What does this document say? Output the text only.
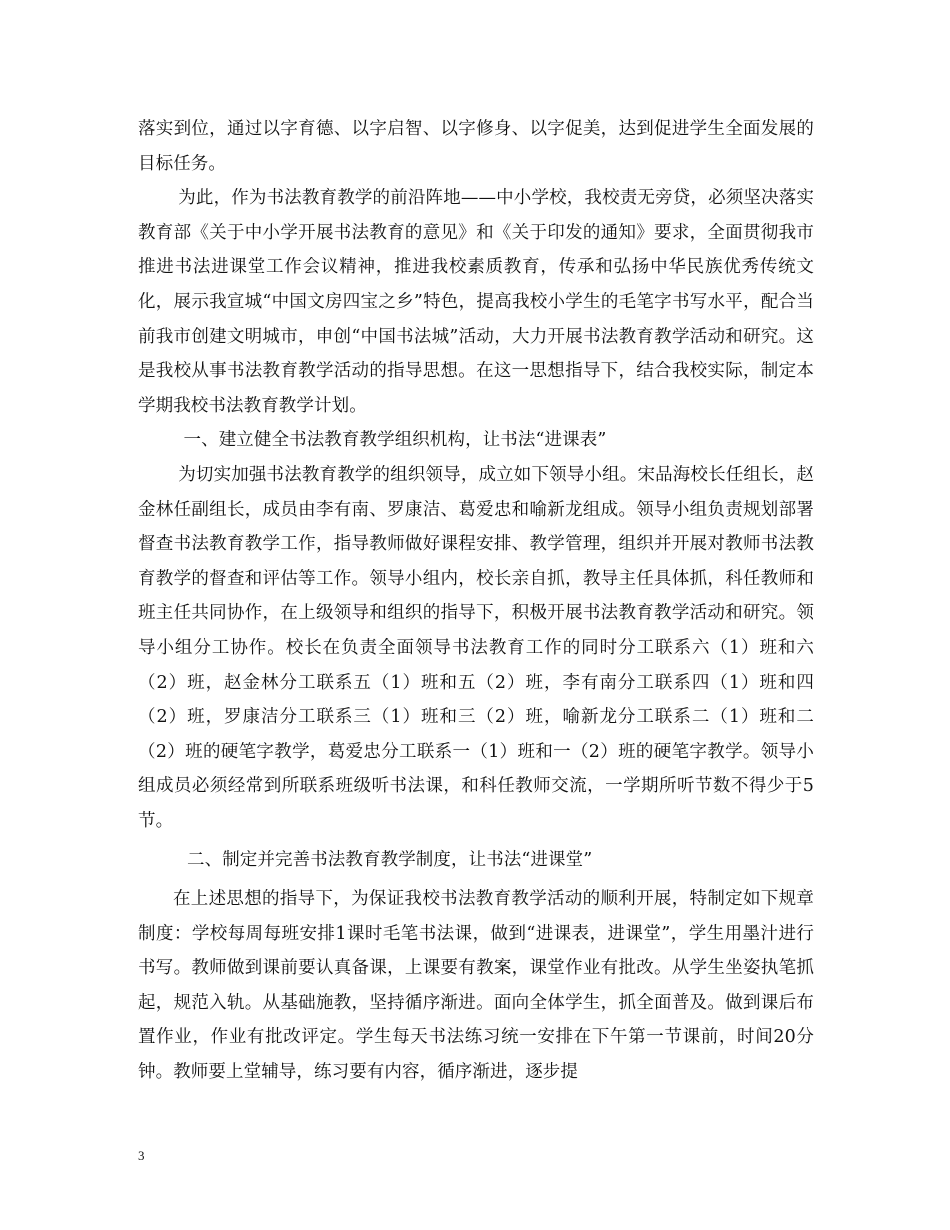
落实到位，通过以字育德、以字启智、以字修身、以字促美，达到促进学生全面发展的目标任务。

为此，作为书法教育教学的前沿阵地——中小学校，我校责无旁贷，必须坚决落实教育部《关于中小学开展书法教育的意见》和《关于印发的通知》要求，全面贯彻我市推进书法进课堂工作会议精神，推进我校素质教育，传承和弘扬中华民族优秀传统文化，展示我宣城“中国文房四宝之乡”特色，提高我校小学生的毛笔字书写水平，配合当前我市创建文明城市，申创“中国书法城”活动，大力开展书法教育教学活动和研究。这是我校从事书法教育教学活动的指导思想。在这一思想指导下，结合我校实际，制定本学期我校书法教育教学计划。

一、建立健全书法教育教学组织机构，让书法“进课表”

为切实加强书法教育教学的组织领导，成立如下领导小组。宋品海校长任组长，赵金林任副组长，成员由李有南、罗康洁、葛爱忠和喻新龙组成。领导小组负责规划部署督查书法教育教学工作，指导教师做好课程安排、教学管理，组织并开展对教师书法教育教学的督查和评估等工作。领导小组内，校长亲自抓，教导主任具体抓，科任教师和班主任共同协作，在上级领导和组织的指导下，积极开展书法教育教学活动和研究。领导小组分工协作。校长在负责全面领导书法教育工作的同时分工联系六（1）班和六（2）班，赵金林分工联系五（1）班和五（2）班，李有南分工联系四（1）班和四（2）班，罗康洁分工联系三（1）班和三（2）班，喻新龙分工联系二（1）班和二（2）班的硬笔字教学，葛爱忠分工联系一（1）班和一（2）班的硬笔字教学。领导小组成员必须经常到所联系班级听书法课，和科任教师交流，一学期所听节数不得少于5节。

二、制定并完善书法教育教学制度，让书法“进课堂”

在上述思想的指导下，为保证我校书法教育教学活动的顺利开展，特制定如下规章制度：学校每周每班安排1课时毛笔书法课，做到“进课表，进课堂”，学生用墨汁进行书写。教师做到课前要认真备课，上课要有教案，课堂作业有批改。从学生坐姿执笔抓起，规范入轨。从基础施教，坚持循序渐进。面向全体学生，抓全面普及。做到课后布置作业，作业有批改评定。学生每天书法练习统一安排在下午第一节课前，时间20分钟。教师要上堂辅导，练习要有内容，循序渐进，逐步提

3
